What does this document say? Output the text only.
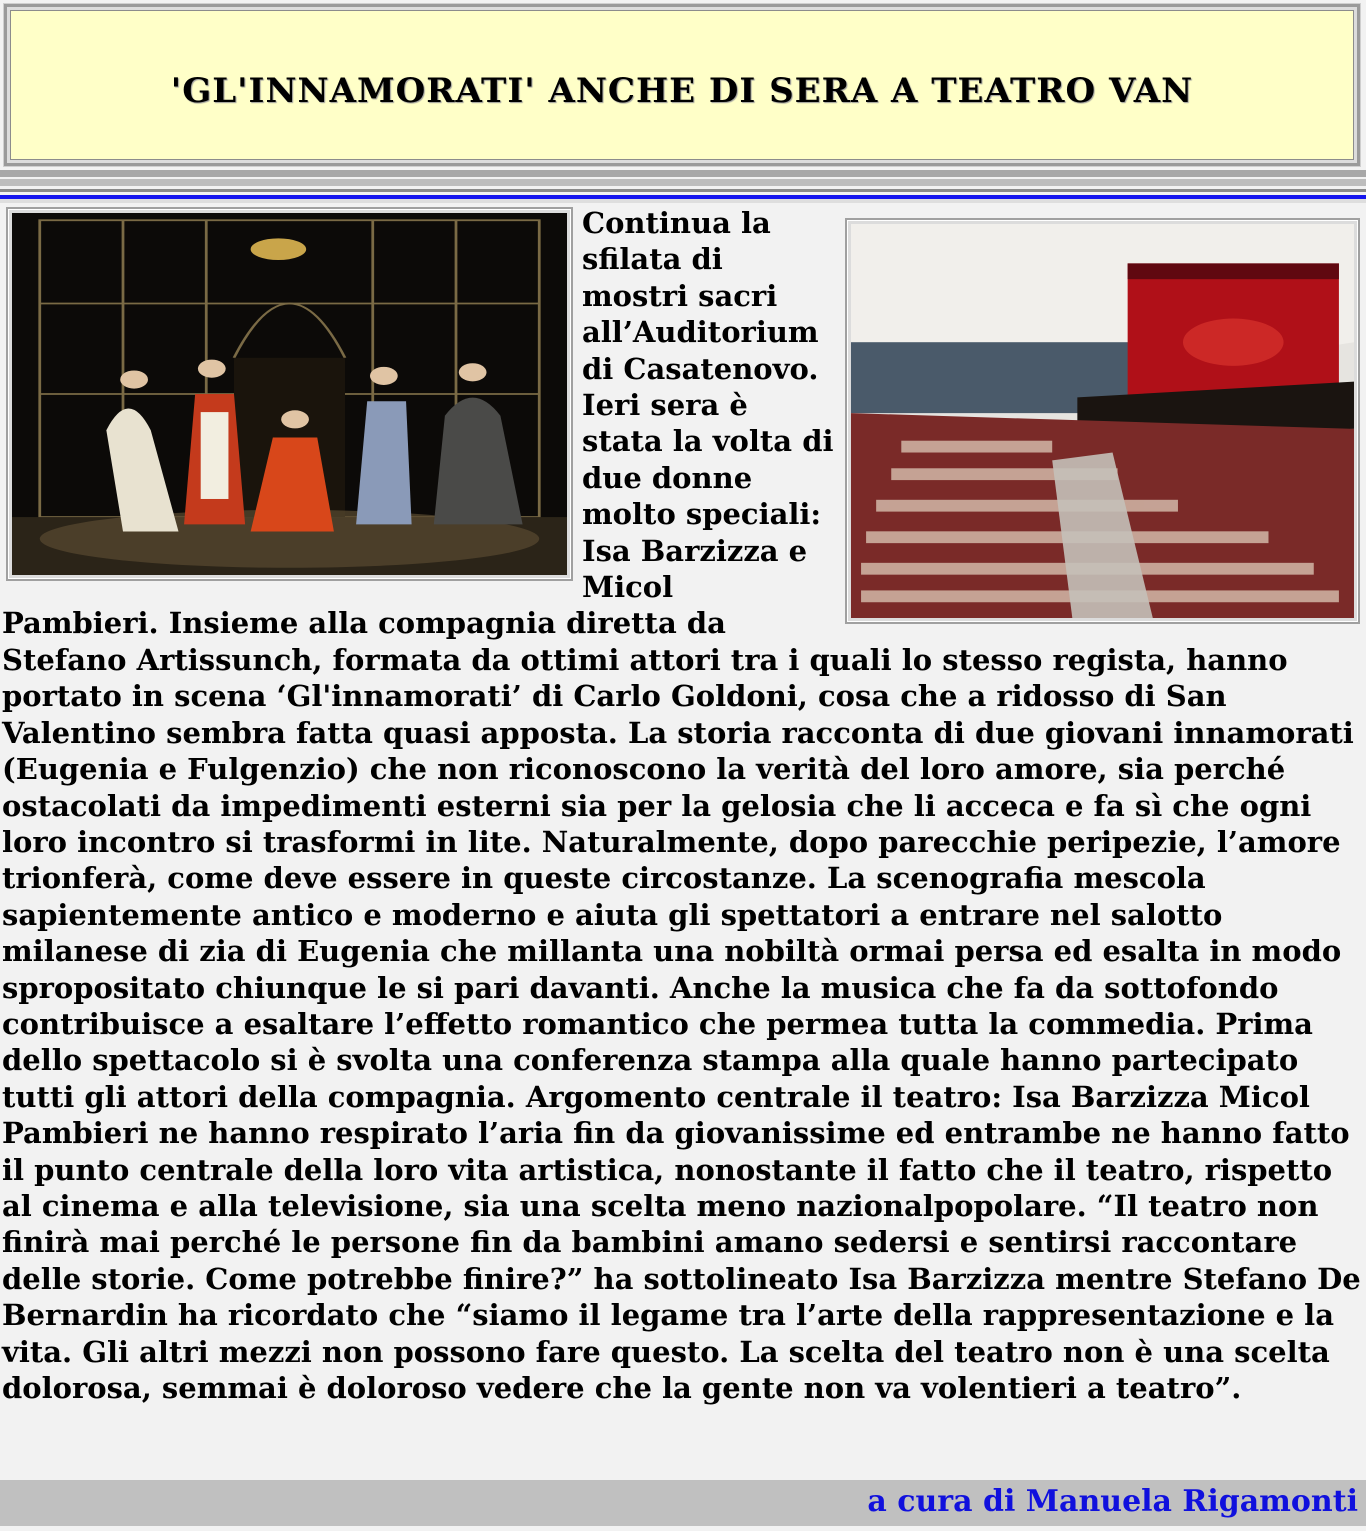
'GL'INNAMORATI' ANCHE DI SERA A TEATRO VAN
Continua la sfilata di mostri sacri all’Auditorium di Casatenovo. Ieri sera è stata la volta di due donne molto speciali: Isa Barzizza e Micol Pambieri. Insieme alla compagnia diretta da Stefano Artissunch, formata da ottimi attori tra i quali lo stesso regista, hanno portato in scena ‘Gl'innamorati’ di Carlo Goldoni, cosa che a ridosso di San Valentino sembra fatta quasi apposta. La storia racconta di due giovani innamorati (Eugenia e Fulgenzio) che non riconoscono la verità del loro amore, sia perché ostacolati da impedimenti esterni sia per la gelosia che li acceca e fa sì che ogni loro incontro si trasformi in lite. Naturalmente, dopo parecchie peripezie, l’amore trionferà, come deve essere in queste circostanze. La scenografia mescola sapientemente antico e moderno e aiuta gli spettatori a entrare nel salotto milanese di zia di Eugenia che millanta una nobiltà ormai persa ed esalta in modo spropositato chiunque le si pari davanti. Anche la musica che fa da sottofondo contribuisce a esaltare l’effetto romantico che permea tutta la commedia. Prima dello spettacolo si è svolta una conferenza stampa alla quale hanno partecipato tutti gli attori della compagnia. Argomento centrale il teatro: Isa Barzizza Micol Pambieri ne hanno respirato l’aria fin da giovanissime ed entrambe ne hanno fatto il punto centrale della loro vita artistica, nonostante il fatto che il teatro, rispetto al cinema e alla televisione, sia una scelta meno nazionalpopolare. “Il teatro non finirà mai perché le persone fin da bambini amano sedersi e sentirsi raccontare delle storie. Come potrebbe finire?” ha sottolineato Isa Barzizza mentre Stefano De Bernardin ha ricordato che “siamo il legame tra l’arte della rappresentazione e la vita. Gli altri mezzi non possono fare questo. La scelta del teatro non è una scelta dolorosa, semmai è doloroso vedere che la gente non va volentieri a teatro”.
a cura di Manuela Rigamonti
